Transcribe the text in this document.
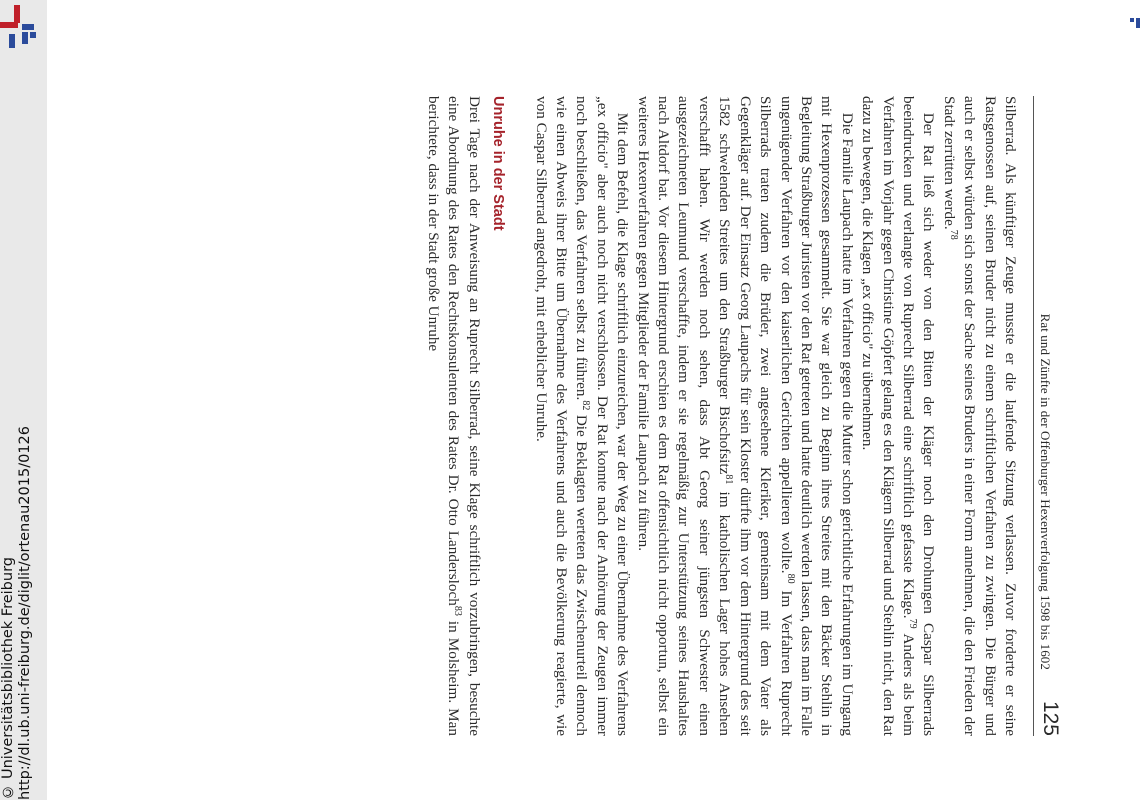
© Universitätsbibliothek Freiburg http://dl.ub.uni-freiburg.de/diglit/ortenau2015/0126	Rat und Zünfte in der Offenburger Hexenverfolgung 1598 bis 1602
125

Silberrad. Als künftiger Zeuge musste er die laufende Sitzung verlassen. Zuvor forderte er seine Ratsgenossen auf, seinen Bruder nicht zu einem schriftlichen Verfahren zu zwingen. Die Bürger und auch er selbst würden sich sonst der Sache seines Bruders in einer Form annehmen, die den Frieden der Stadt zerrütten werde.$^{78}$

Der Rat ließ sich weder von den Bitten der Kläger noch den Drohungen Caspar Silberrads beeindrucken und verlangte von Ruprecht Silberrad eine schriftlich gefasste Klage.$^{79}$ Anders als beim Verfahren im Vorjahr gegen Christine Göpfert gelang es den Klägern Silberrad und Stehlin nicht, den Rat dazu zu bewegen, die Klagen „ex officio" zu übernehmen.

Die Familie Laupach hatte im Verfahren gegen die Mutter schon gerichtliche Erfahrungen im Umgang mit Hexenprozessen gesammelt. Sie war gleich zu Beginn ihres Streites mit den Bäcker Stehlin in Begleitung Straßburger Juristen vor den Rat getreten und hatte deutlich werden lassen, dass man im Falle ungenügender Verfahren vor den kaiserlichen Gerichten appellieren wollte.$^{80}$ Im Verfahren Ruprecht Silberrads traten zudem die Brüder, zwei angesehene Kleriker, gemeinsam mit dem Vater als Gegenkläger auf. Der Einsatz Georg Laupachs für sein Kloster dürfte ihm vor dem Hintergrund des seit 1582 schwelenden Streites um den Straßburger Bischofsitz$^{81}$ im katholischen Lager hohes Ansehen verschafft haben. Wir werden noch sehen, dass Abt Georg seiner jüngsten Schwester einen ausgezeichneten Leumund verschaffte, indem er sie regelmäßig zur Unterstützung seines Haushaltes nach Altdorf bat. Vor diesem Hintergrund erschien es dem Rat offensichtlich nicht opportun, selbst ein weiteres Hexenverfahren gegen Mitglieder der Familie Laupach zu führen.

Mit dem Befehl, die Klage schriftlich einzureichen, war der Weg zu einer Übernahme des Verfahrens „ex officio" aber auch noch nicht verschlossen. Der Rat konnte nach der Anhörung der Zeugen immer noch beschließen, das Verfahren selbst zu führen.$^{82}$ Die Beklagten werteten das Zwischenurteil dennoch wie einen Abweis ihrer Bitte um Übernahme des Verfahrens und auch die Bevölkerung reagierte, wie von Caspar Silberrad angedroht, mit erheblicher Unruhe.

Unruhe in der Stadt

Drei Tage nach der Anweisung an Ruprecht Silberrad, seine Klage schriftlich vorzubringen, besuchte eine Abordnung des Rates den Rechtskonsulenten des Rates Dr. Otto Landersloch$^{83}$ in Molsheim. Man berichtete, dass in der Stadt große Unruhe
